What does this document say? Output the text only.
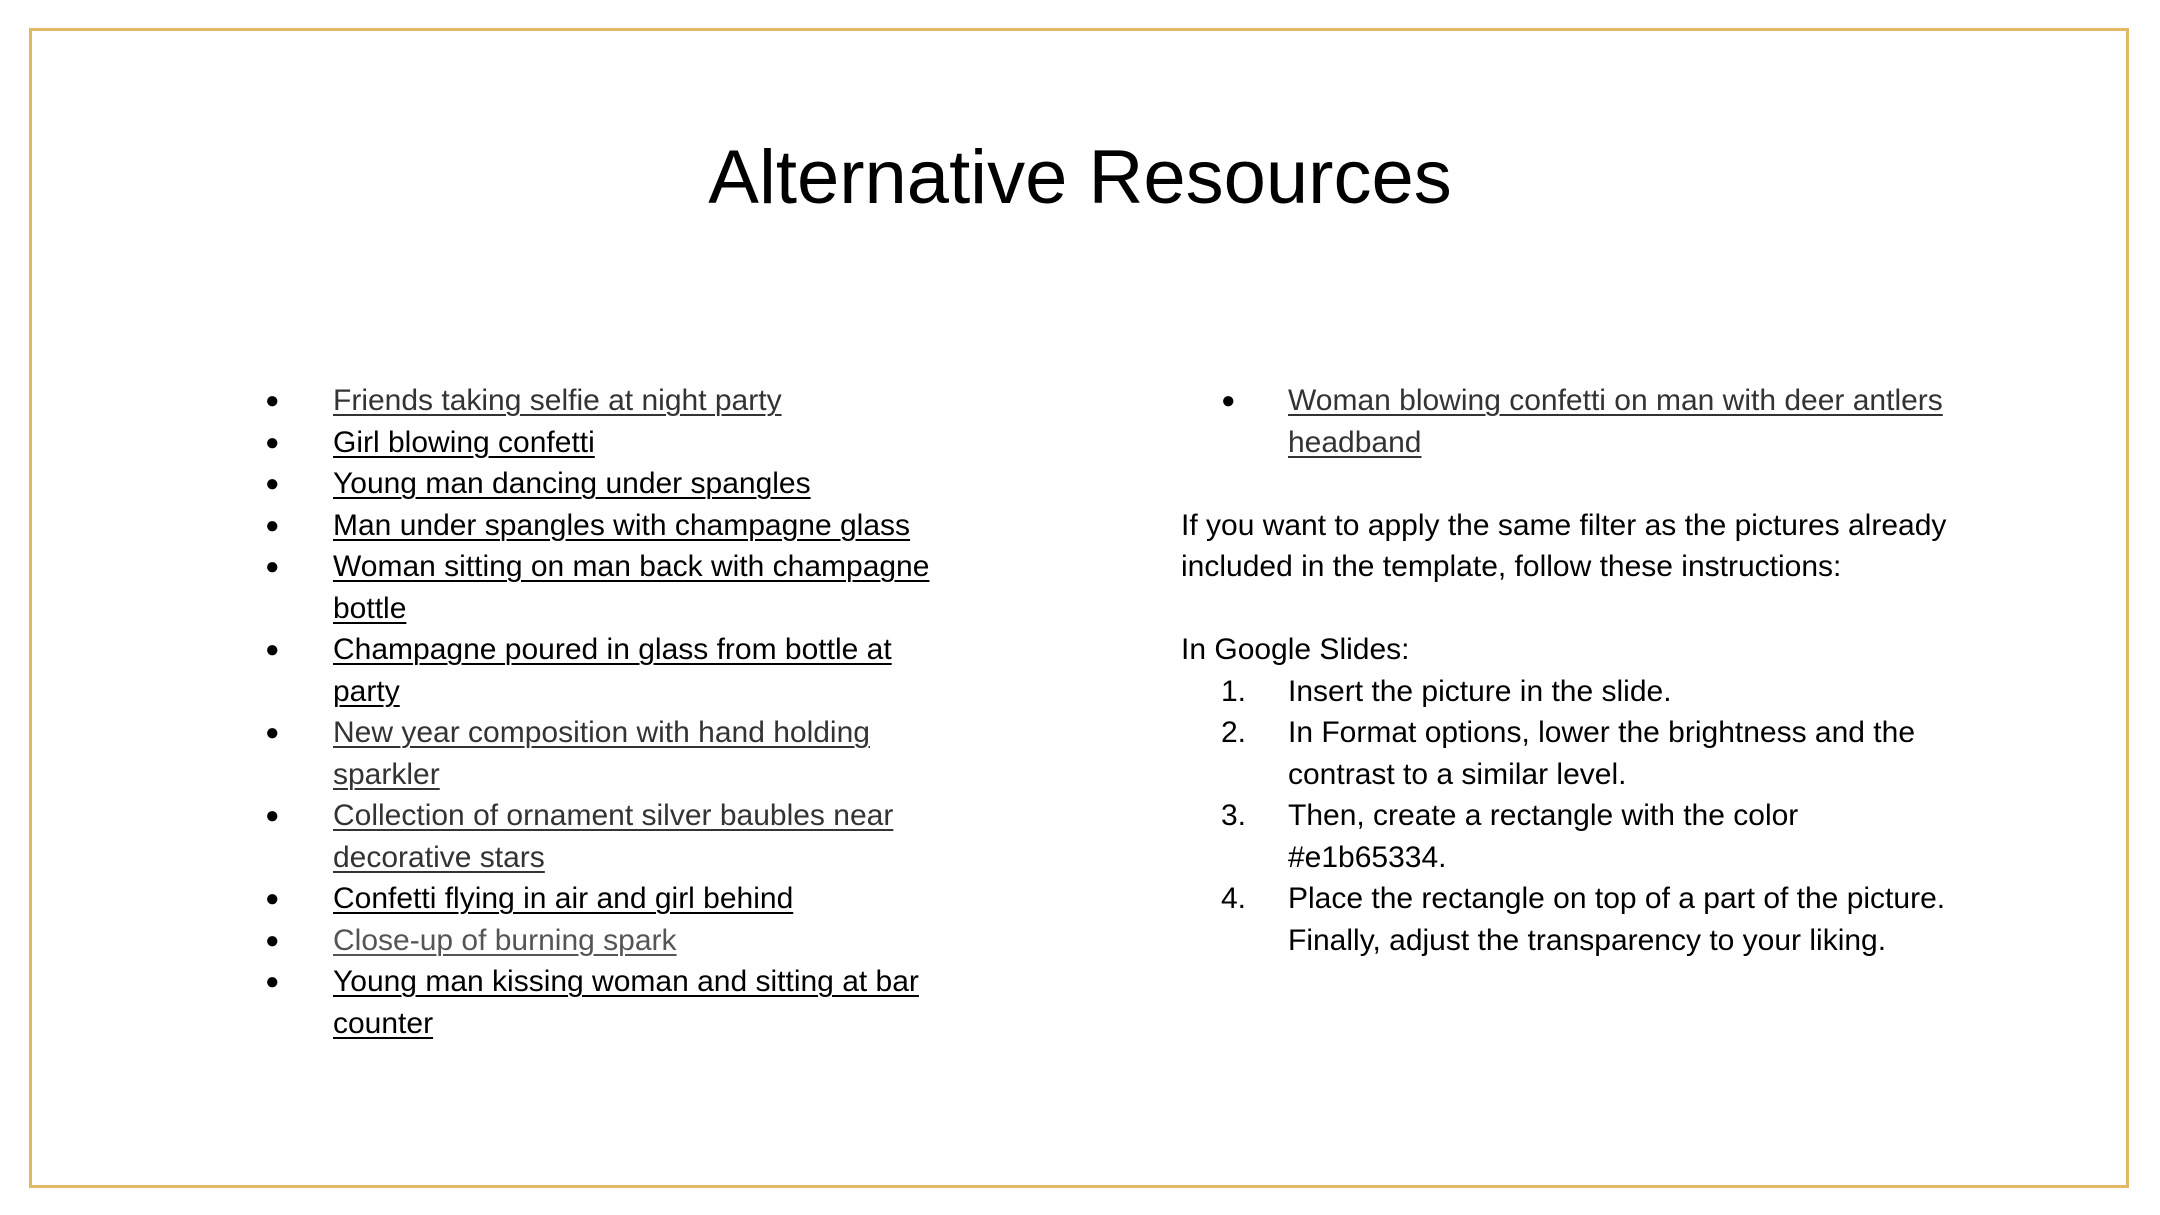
Alternative Resources
●	Friends taking selfie at night party
●	Girl blowing confetti
●	Young man dancing under spangles
●	Man under spangles with champagne glass
●	Woman sitting on man back with champagne bottle
●	Champagne poured in glass from bottle at party
●	New year composition with hand holding sparkler
●	Collection of ornament silver baubles near decorative stars
●	Confetti flying in air and girl behind
●	Close-up of burning spark
●	Young man kissing woman and sitting at bar counter
●	Woman blowing confetti on man with deer antlers headband

If you want to apply the same filter as the pictures already included in the template, follow these instructions:

In Google Slides:

1. Insert the picture in the slide.
2. In Format options, lower the brightness and the contrast to a similar level.
3. Then, create a rectangle with the color #e1b65334.
4. Place the rectangle on top of a part of the picture. Finally, adjust the transparency to your liking.
